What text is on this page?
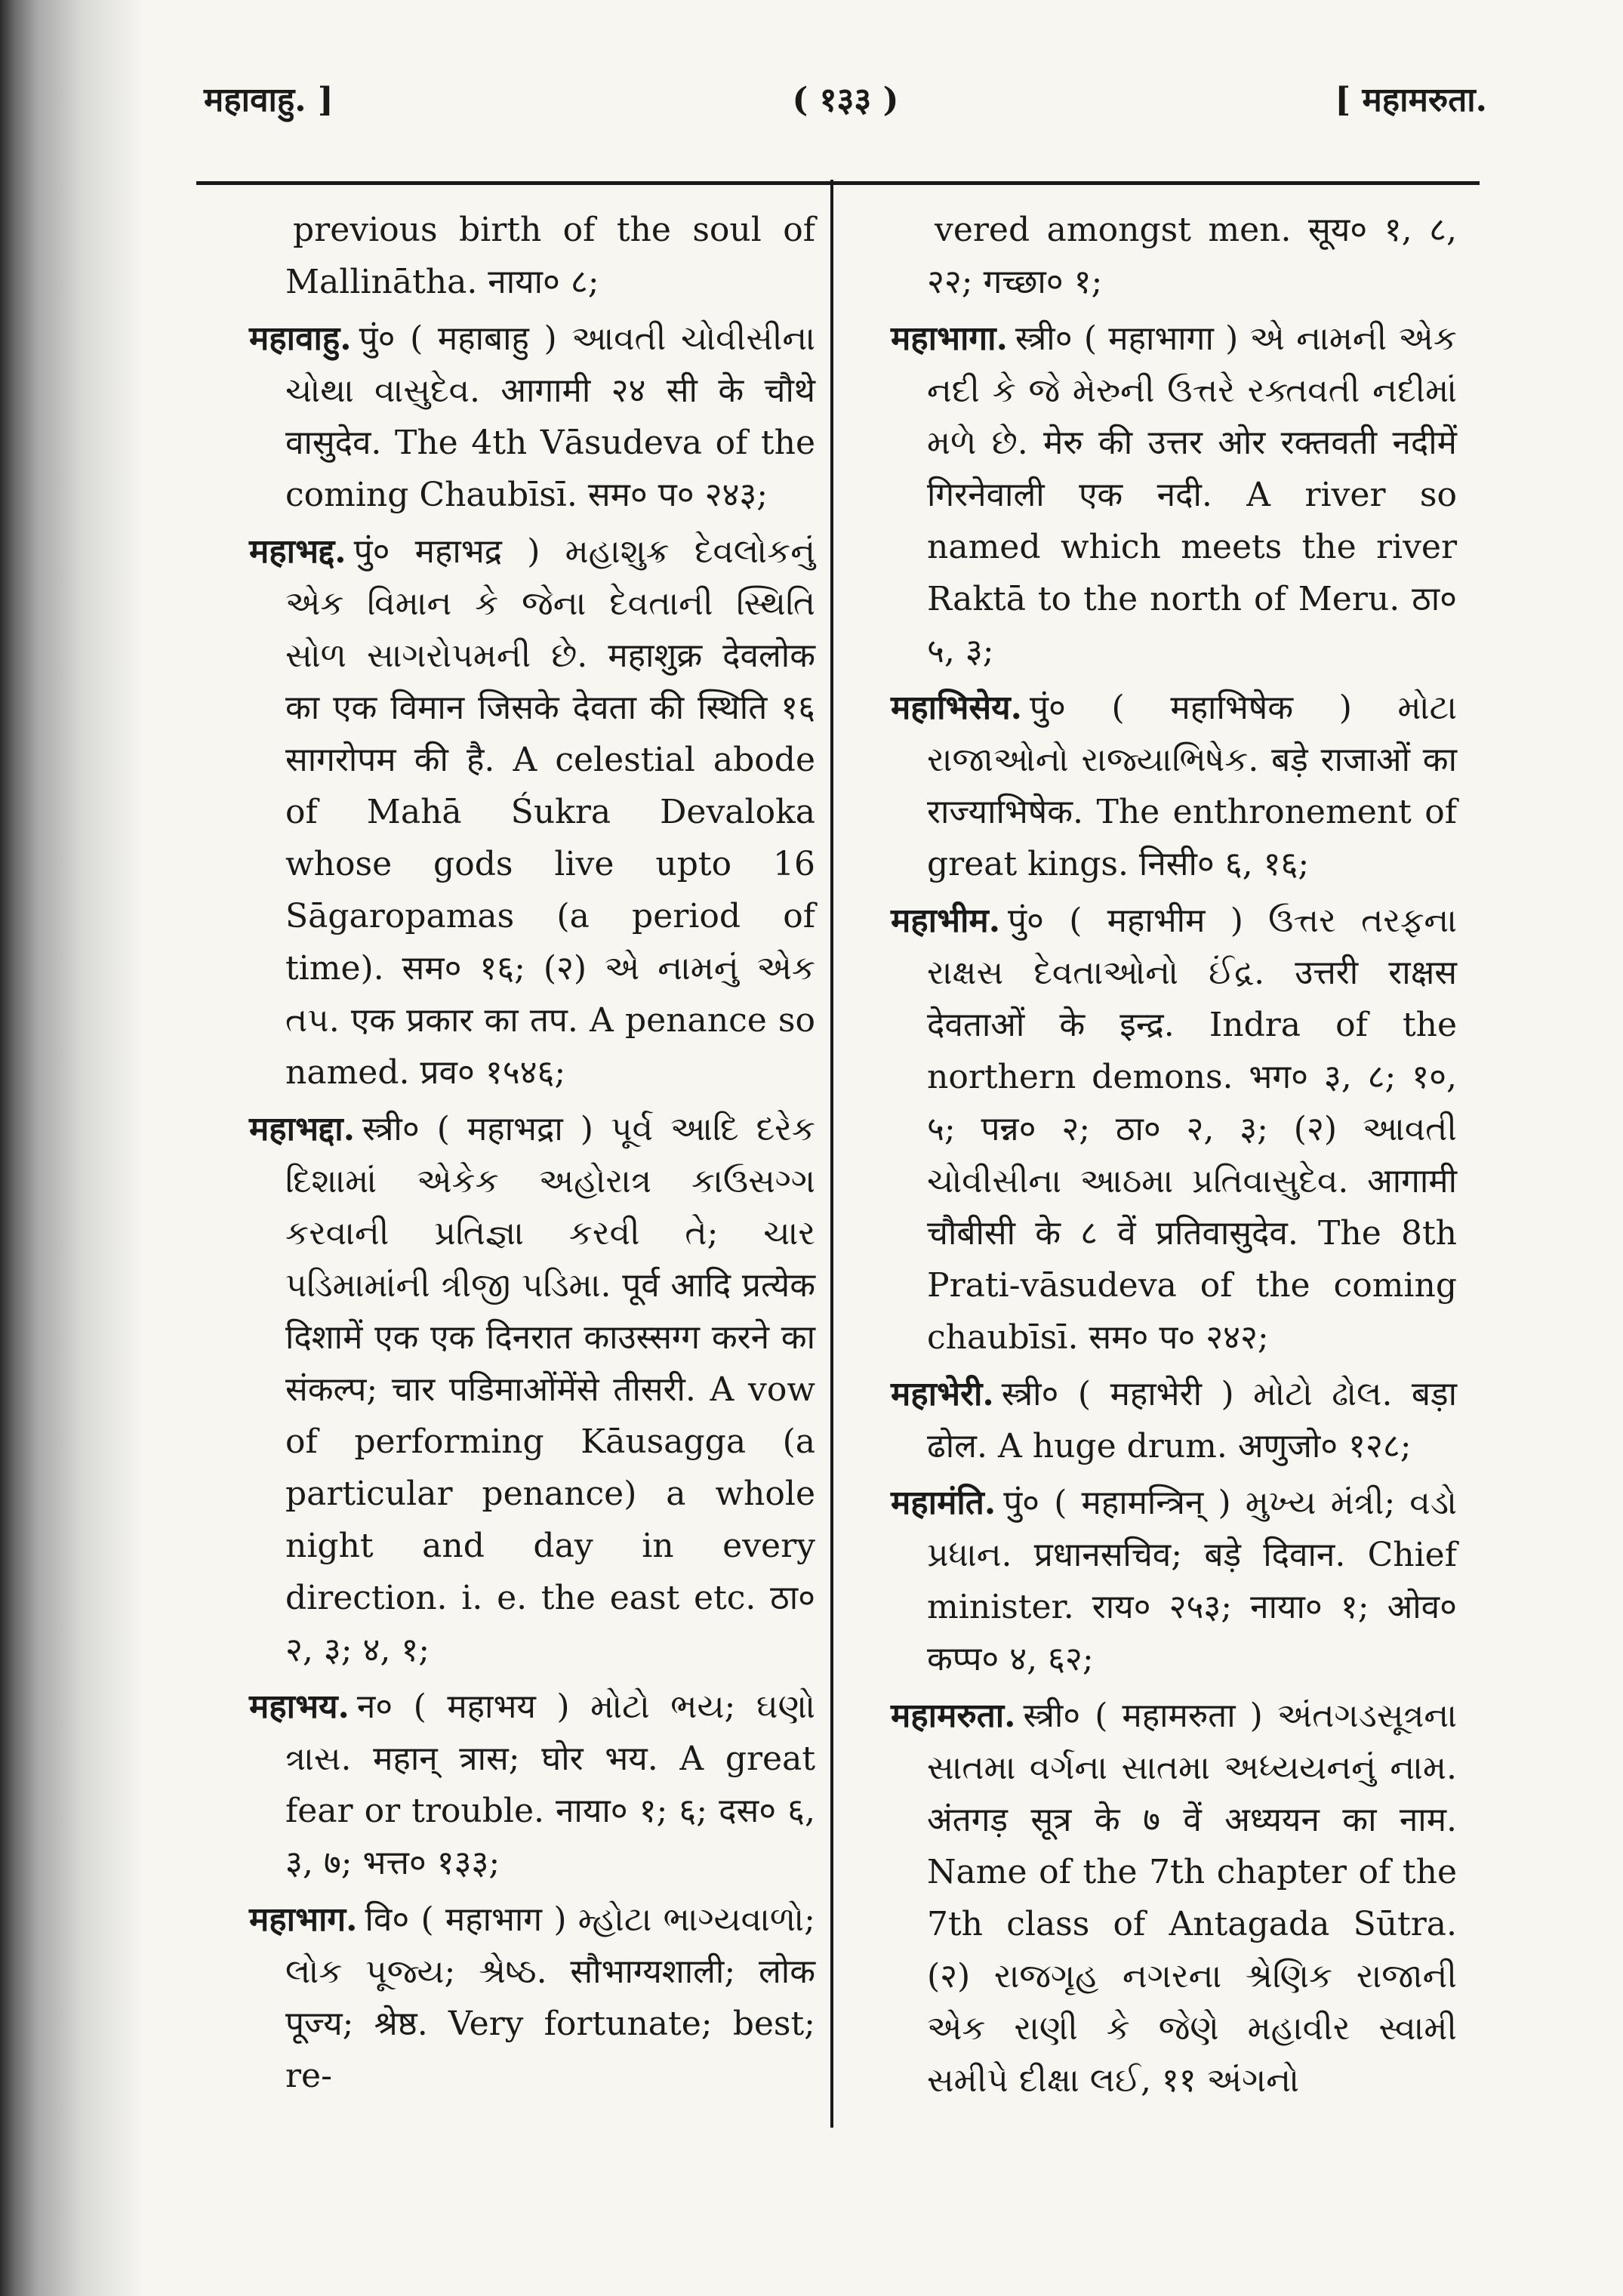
महावाहु. ]	( १३३ )	[ महामरुता.

previous birth of the soul of Mallinātha. नाया० ८;

महावाहु. पुं० ( महाबाहु ) આવતી ચોવીસીના ચોથા વાસુદેવ. आगामी २४ सी के चौथे वासुदेव. The 4th Vāsudeva of the coming Chaubīsī. सम० प० २४३;

महाभद्द. पुं० महाभद्र ) મહાશુક્ર દેવલોકનું એક વિમાન કે જેના દેવતાની સ્થિતિ સોળ સાગરોપમની છે. महाशुक्र देवलोक का एक विमान जिसके देवता की स्थिति १६ सागरोपम की है. A celestial abode of Mahā Śukra Devaloka whose gods live upto 16 Sāgaropamas (a period of time). सम० १६; (२) એ નામનું એક તપ. एक प्रकार का तप. A penance so named. प्रव० १५४६;

महाभद्दा. स्त्री० ( महाभद्रा ) પૂર્વ આદિ દરેક દિશામાં એકેક અહોરાત્ર કાઉસગ્ગ કરવાની પ્રતિજ્ઞા કરવી તે; ચાર પડિમામાંની ત્રીજી પડિમા. पूर्व आदि प्रत्येक दिशामें एक एक दिनरात काउस्सग्ग करने का संकल्प; चार पडिमाओंमेंसे तीसरी. A vow of performing Kāusagga (a particular penance) a whole night and day in every direction. i. e. the east etc. ठा० २, ३; ४, १;

महाभय. न० ( महाभय ) મોટો ભય; ઘણો ત્રાસ. महान् त्रास; घोर भय. A great fear or trouble. नाया० १; ६; दस० ६, ३, ७; भत्त० १३३;

महाभाग. वि० ( महाभाग ) મ્હોટા ભાગ્યવાળો; લોક પૂજ્ય; શ્રેષ્ઠ. सौभाग्यशाली; लोक पूज्य; श्रेष्ठ. Very fortunate; best; re-

vered amongst men. सूय० १, ८, २२; गच्छा० १;

महाभागा. स्त्री० ( महाभागा ) એ નામની એક નદી કે જે મેરુની ઉત્તરે રક્તવતી નદીમાં મળે છે. मेरु की उत्तर ओर रक्तवती नदीमें गिरनेवाली एक नदी. A river so named which meets the river Raktā to the north of Meru. ठा० ५, ३;

महाभिसेय. पुं० ( महाभिषेक ) મોટા રાજાઓનો રાજ્યાભિષેક. बड़े राजाओं का राज्याभिषेक. The enthronement of great kings. निसी० ६, १६;

महाभीम. पुं० ( महाभीम ) ઉત્તર તરફના રાક્ષસ દેવતાઓનો ઈંદ્ર. उत्तरी राक्षस देवताओं के इन्द्र. Indra of the northern demons. भग० ३, ८; १०, ५; पन्न० २; ठा० २, ३; (२) આવતી ચોવીસીના આઠમા પ્રતિવાસુદેવ. आगामी चौबीसी के ८ वें प्रतिवासुदेव. The 8th Prati-vāsudeva of the coming chaubīsī. सम० प० २४२;

महाभेरी. स्त्री० ( महाभेरी ) મોટો ઢોલ. बड़ा ढोल. A huge drum. अणुजो० १२८;

महामंति. पुं० ( महामन्त्रिन् ) મુખ્ય મંત્રી; વડો પ્રધાન. प्रधानसचिव; बड़े दिवान. Chief minister. राय० २५३; नाया० १; ओव० कप्प० ४, ६२;

महामरुता. स्त्री० ( महामरुता ) અંતગડસૂત્રના સાતમા વર્ગના સાતમા અધ્યયનનું નામ. अंतगड़ सूत्र के ७ वें अध्ययन का नाम. Name of the 7th chapter of the 7th class of Antagada Sūtra. (२) રાજગૃહ નગરના શ્રેણિક રાજાની એક રાણી કે જેણે મહાવીર સ્વામી સમીપે દીક્ષા લઈ, ११ અંગનો
